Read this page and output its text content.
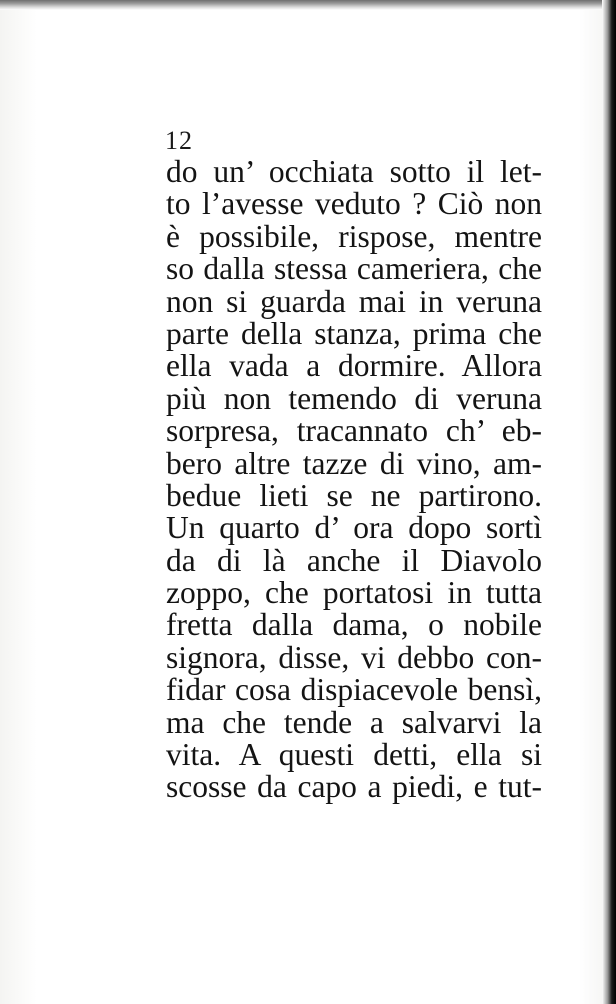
12
do un’ occhiata sotto il let-
to l’avesse veduto ? Ciò non
è possibile, rispose, mentre
so dalla stessa cameriera, che
non si guarda mai in veruna
parte della stanza, prima che
ella vada a dormire. Allora
più non temendo di veruna
sorpresa, tracannato ch’ eb-
bero altre tazze di vino, am-
bedue lieti se ne partirono.
Un quarto d’ ora dopo sortì
da di là anche il Diavolo
zoppo, che portatosi in tutta
fretta dalla dama, o nobile
signora, disse, vi debbo con-
fidar cosa dispiacevole bensì,
ma che tende a salvarvi la
vita. A questi detti, ella si
scosse da capo a piedi, e tut-
